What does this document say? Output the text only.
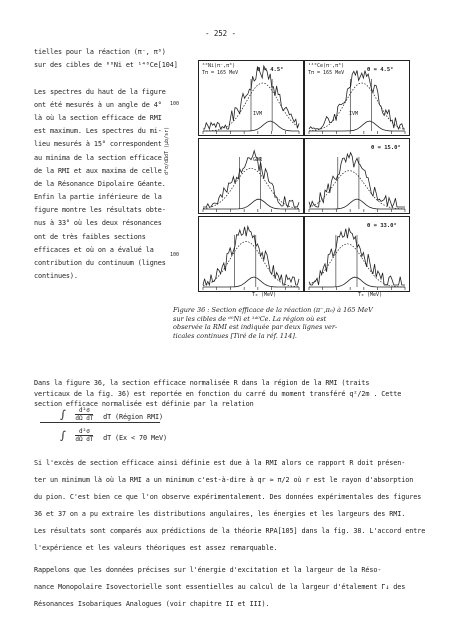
- 252 -
tielles pour la réaction (π⁻, π⁰)
sur des cibles de ⁶⁰Ni et ¹⁴⁰Ce[104]
Les spectres du haut de la figure
ont été mesurés à un angle de 4°
là où la section efficace de RMI
est maximum. Les spectres du mi-
lieu mesurés à 15° correspondent
au minima de la section efficace
de la RMI et aux maxima de celle
de la Résonance Dipolaire Géante.
Enfin la partie inférieure de la
figure montre les résultats obte-
nus à 33° où les deux résonances
ont de très faibles sections
efficaces et où on a évalué la
contribution du continuum (lignes
continues).
100
100
d²σ/dΩdT (μb/sr)
⁶⁰Ni(π⁻,π⁰)
Tπ = 165 MeV	θ = 4.5°
IVM
GDR
¹⁴⁰Ce(π⁻,π⁰)
Tπ = 165 MeV	θ = 4.5°
IVM
θ = 15.0°
θ = 33.0°
T₀ (MeV)	T₀ (MeV)
Figure 36 : Section efficace de la réaction (π⁻,π₀) à 165 MeV
sur les cibles de ⁶⁰Ni et ¹⁴⁰Ce. La région où est
observée la RMI est indiquée par deux lignes ver-
ticales continues [Tiré de la réf. 114].
Dans la figure 36, la section efficace normalisée R dans la région de la RMI (traits
verticaux de la fig. 36) est reportée en fonction du carré du moment transféré q²/2m . Cette
section efficace normalisée est définie par la relation
∫ $\frac{\text{d²σ}}{\text{dΩ dT}}$ dT (Région RMI)
∫ $\frac{\text{d²σ}}{\text{dΩ dT}}$ dT (Ex < 70 MeV)
Si l'excès de section efficace ainsi définie est due à la RMI alors ce rapport R doit présen-
ter un minimum là où la RMI a un minimum c'est-à-dire à qr ≈ π/2 où r est le rayon d'absorption
du pion. C'est bien ce que l'on observe expérimentalement. Des données expérimentales des figures
36 et 37 on a pu extraire les distributions angulaires, les énergies et les largeurs des RMI.
Les résultats sont comparés aux prédictions de la théorie RPA[105] dans la fig. 38. L'accord entre
l'expérience et les valeurs théoriques est assez remarquable.
Rappelons que les données précises sur l'énergie d'excitation et la largeur de la Réso-
nance Monopolaire Isovectorielle sont essentielles au calcul de la largeur d'étalement Γ↓ des
Résonances Isobariques Analogues (voir chapitre II et III).
